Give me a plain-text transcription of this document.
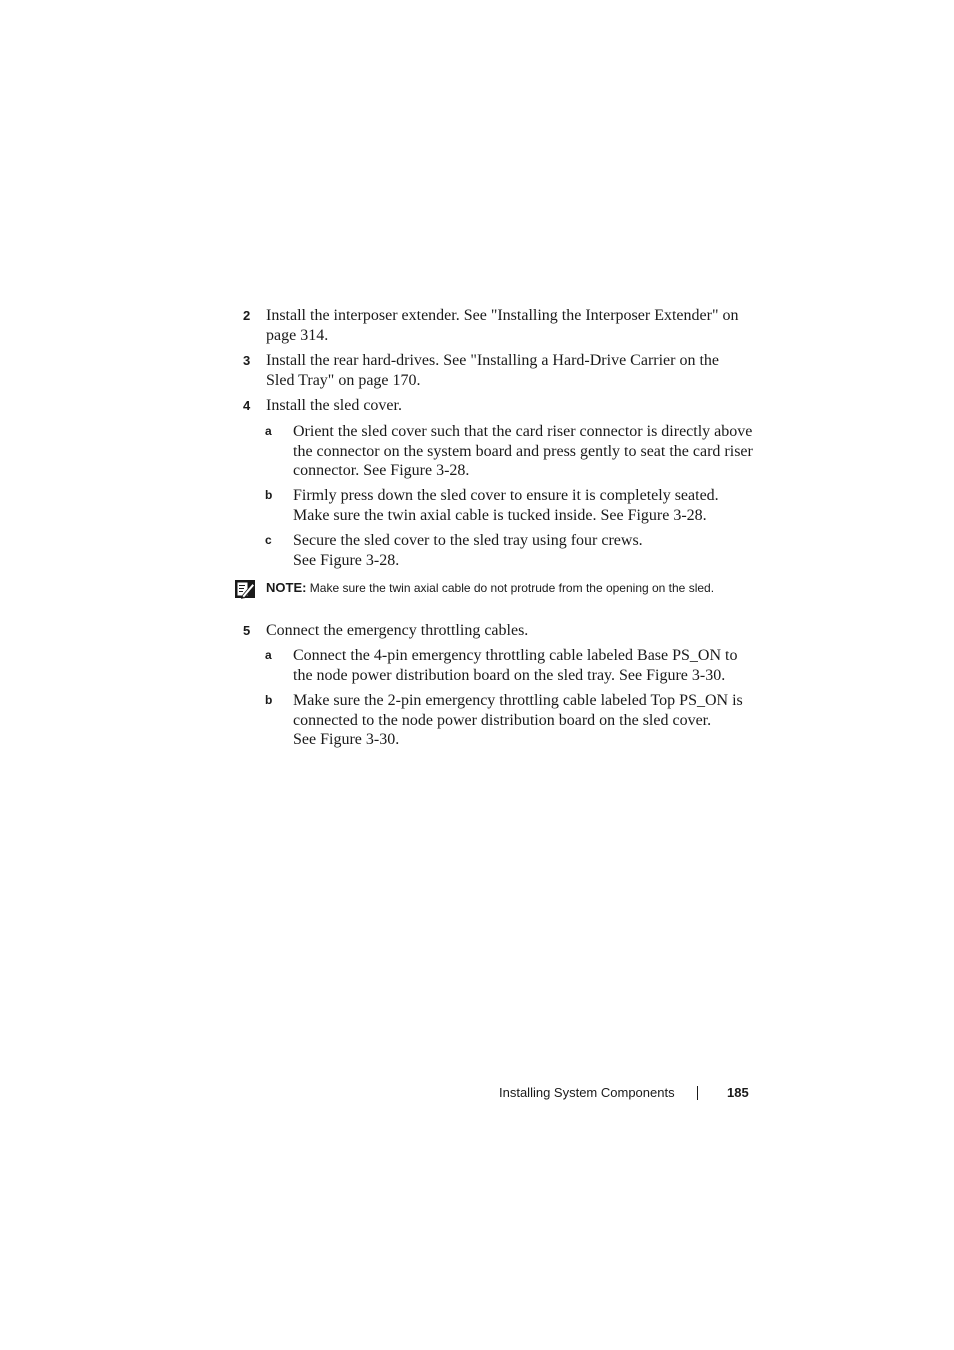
2 Install the interposer extender. See "Installing the Interposer Extender" on page 314.
3 Install the rear hard-drives. See "Installing a Hard-Drive Carrier on the Sled Tray" on page 170.
4 Install the sled cover.
a Orient the sled cover such that the card riser connector is directly above the connector on the system board and press gently to seat the card riser connector. See Figure 3-28.
b Firmly press down the sled cover to ensure it is completely seated. Make sure the twin axial cable is tucked inside. See Figure 3-28.
c Secure the sled cover to the sled tray using four crews.
See Figure 3-28.
NOTE: Make sure the twin axial cable do not protrude from the opening on the sled.
5 Connect the emergency throttling cables.
a Connect the 4-pin emergency throttling cable labeled Base PS_ON to the node power distribution board on the sled tray. See Figure 3-30.
b Make sure the 2-pin emergency throttling cable labeled Top PS_ON is connected to the node power distribution board on the sled cover.
See Figure 3-30.
Installing System Components	185
